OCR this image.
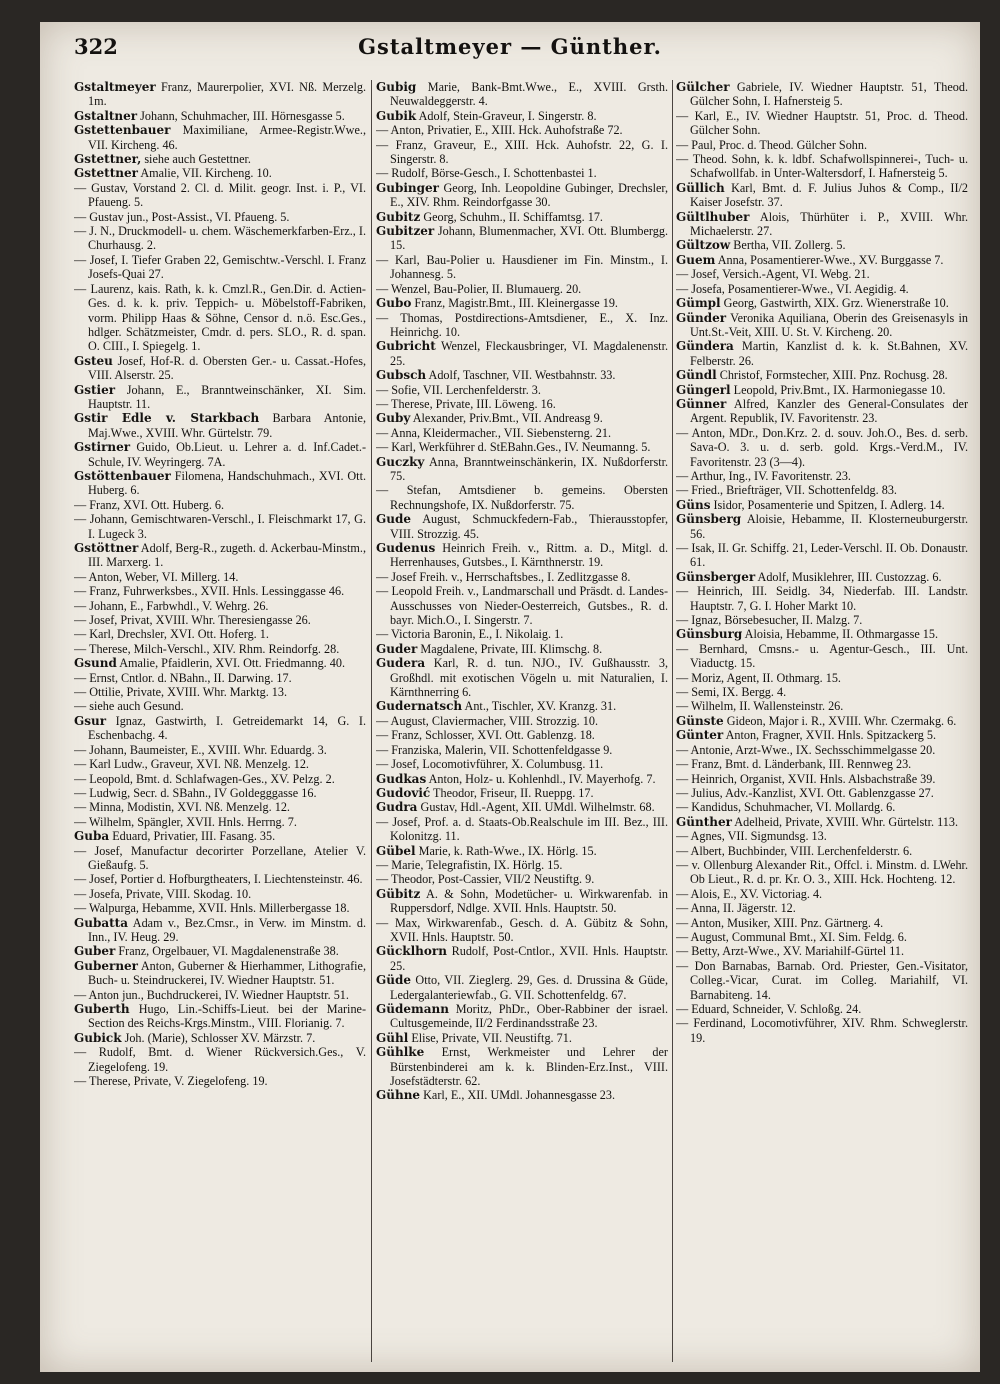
322	Gstaltmeyer — Günther.

Gstaltmeyer Franz, Maurerpolier, XVI. Nß. Merzelg. 1m.

Gstaltner Johann, Schuhmacher, III. Hörnesgasse 5.

Gstettenbauer Maximiliane, Armee-Registr.Wwe., VII. Kircheng. 46.

Gstettner, siehe auch Gestettner.

Gstettner Amalie, VII. Kircheng. 10.

— Gustav, Vorstand 2. Cl. d. Milit. geogr. Inst. i. P., VI. Pfaueng. 5.

— Gustav jun., Post-Assist., VI. Pfaueng. 5.

— J. N., Druckmodell- u. chem. Wäschemerkfarben-Erz., I. Churhausg. 2.

— Josef, I. Tiefer Graben 22, Gemischtw.-Verschl. I. Franz Josefs-Quai 27.

— Laurenz, kais. Rath, k. k. Cmzl.R., Gen.Dir. d. Actien-Ges. d. k. k. priv. Teppich- u. Möbelstoff-Fabriken, vorm. Philipp Haas & Söhne, Censor d. n.ö. Esc.Ges., hdlger. Schätzmeister, Cmdr. d. pers. SLO., R. d. span. O. CIII., I. Spiegelg. 1.

Gsteu Josef, Hof-R. d. Obersten Ger.- u. Cassat.-Hofes, VIII. Alserstr. 25.

Gstier Johann, E., Branntweinschänker, XI. Sim. Hauptstr. 11.

Gstir Edle v. Starkbach Barbara Antonie, Maj.Wwe., XVIII. Whr. Gürtelstr. 79.

Gstirner Guido, Ob.Lieut. u. Lehrer a. d. Inf.Cadet.-Schule, IV. Weyringerg. 7A.

Gstöttenbauer Filomena, Handschuhmach., XVI. Ott. Huberg. 6.

— Franz, XVI. Ott. Huberg. 6.

— Johann, Gemischtwaren-Verschl., I. Fleischmarkt 17, G. I. Lugeck 3.

Gstöttner Adolf, Berg-R., zugeth. d. Ackerbau-Minstm., III. Marxerg. 1.

— Anton, Weber, VI. Millerg. 14.

— Franz, Fuhrwerksbes., XVII. Hnls. Lessinggasse 46.

— Johann, E., Farbwhdl., V. Wehrg. 26.

— Josef, Privat, XVIII. Whr. Theresiengasse 26.

— Karl, Drechsler, XVI. Ott. Hoferg. 1.

— Therese, Milch-Verschl., XIV. Rhm. Reindorfg. 28.

Gsund Amalie, Pfaidlerin, XVI. Ott. Friedmanng. 40.

— Ernst, Cntlor. d. NBahn., II. Darwing. 17.

— Ottilie, Private, XVIII. Whr. Marktg. 13.

— siehe auch Gesund.

Gsur Ignaz, Gastwirth, I. Getreidemarkt 14, G. I. Eschenbachg. 4.

— Johann, Baumeister, E., XVIII. Whr. Eduardg. 3.

— Karl Ludw., Graveur, XVI. Nß. Menzelg. 12.

— Leopold, Bmt. d. Schlafwagen-Ges., XV. Pelzg. 2.

— Ludwig, Secr. d. SBahn., IV Goldegggasse 16.

— Minna, Modistin, XVI. Nß. Menzelg. 12.

— Wilhelm, Spängler, XVII. Hnls. Herrng. 7.

Guba Eduard, Privatier, III. Fasang. 35.

— Josef, Manufactur decorirter Porzellane, Atelier V. Gießaufg. 5.

— Josef, Portier d. Hofburgtheaters, I. Liechtensteinstr. 46.

— Josefa, Private, VIII. Skodag. 10.

— Walpurga, Hebamme, XVII. Hnls. Millerbergasse 18.

Gubatta Adam v., Bez.Cmsr., in Verw. im Minstm. d. Inn., IV. Heug. 29.

Guber Franz, Orgelbauer, VI. Magdalenenstraße 38.

Guberner Anton, Guberner & Hierhammer, Lithografie, Buch- u. Steindruckerei, IV. Wiedner Hauptstr. 51.

— Anton jun., Buchdruckerei, IV. Wiedner Hauptstr. 51.

Guberth Hugo, Lin.-Schiffs-Lieut. bei der Marine-Section des Reichs-Krgs.Minstm., VIII. Florianig. 7.

Gubick Joh. (Marie), Schlosser XV. Märzstr. 7.

— Rudolf, Bmt. d. Wiener Rückversich.Ges., V. Ziegelofeng. 19.

— Therese, Private, V. Ziegelofeng. 19.

Gubig Marie, Bank-Bmt.Wwe., E., XVIII. Grsth. Neuwaldeggerstr. 4.

Gubik Adolf, Stein-Graveur, I. Singerstr. 8.

— Anton, Privatier, E., XIII. Hck. Auhofstraße 72.

— Franz, Graveur, E., XIII. Hck. Auhofstr. 22, G. I. Singerstr. 8.

— Rudolf, Börse-Gesch., I. Schottenbastei 1.

Gubinger Georg, Inh. Leopoldine Gubinger, Drechsler, E., XIV. Rhm. Reindorfgasse 30.

Gubitz Georg, Schuhm., II. Schiffamtsg. 17.

Gubitzer Johann, Blumenmacher, XVI. Ott. Blumbergg. 15.

— Karl, Bau-Polier u. Hausdiener im Fin. Minstm., I. Johannesg. 5.

— Wenzel, Bau-Polier, II. Blumauerg. 20.

Gubo Franz, Magistr.Bmt., III. Kleinergasse 19.

— Thomas, Postdirections-Amtsdiener, E., X. Inz. Heinrichg. 10.

Gubricht Wenzel, Fleckausbringer, VI. Magdalenenstr. 25.

Gubsch Adolf, Taschner, VII. Westbahnstr. 33.

— Sofie, VII. Lerchenfelderstr. 3.

— Therese, Private, III. Löweng. 16.

Guby Alexander, Priv.Bmt., VII. Andreasg 9.

— Anna, Kleidermacher., VII. Siebensterng. 21.

— Karl, Werkführer d. StEBahn.Ges., IV. Neumanng. 5.

Guczky Anna, Branntweinschänkerin, IX. Nußdorferstr. 75.

— Stefan, Amtsdiener b. gemeins. Obersten Rechnungshofe, IX. Nußdorferstr. 75.

Gude August, Schmuckfedern-Fab., Thierausstopfer, VIII. Strozzig. 45.

Gudenus Heinrich Freih. v., Rittm. a. D., Mitgl. d. Herrenhauses, Gutsbes., I. Kärnthnerstr. 19.

— Josef Freih. v., Herrschaftsbes., I. Zedlitzgasse 8.

— Leopold Freih. v., Landmarschall und Präsdt. d. Landes-Ausschusses von Nieder-Oesterreich, Gutsbes., R. d. bayr. Mich.O., I. Singerstr. 7.

— Victoria Baronin, E., I. Nikolaig. 1.

Guder Magdalene, Private, III. Klimschg. 8.

Gudera Karl, R. d. tun. NJO., IV. Gußhausstr. 3, Großhdl. mit exotischen Vögeln u. mit Naturalien, I. Kärnthnerring 6.

Gudernatsch Ant., Tischler, XV. Kranzg. 31.

— August, Claviermacher, VIII. Strozzig. 10.

— Franz, Schlosser, XVI. Ott. Gablenzg. 18.

— Franziska, Malerin, VII. Schottenfeldgasse 9.

— Josef, Locomotivführer, X. Columbusg. 11.

Gudkas Anton, Holz- u. Kohlenhdl., IV. Mayerhofg. 7.

Gudović Theodor, Friseur, II. Rueppg. 17.

Gudra Gustav, Hdl.-Agent, XII. UMdl. Wilhelmstr. 68.

— Josef, Prof. a. d. Staats-Ob.Realschule im III. Bez., III. Kolonitzg. 11.

Gübel Marie, k. Rath-Wwe., IX. Hörlg. 15.

— Marie, Telegrafistin, IX. Hörlg. 15.

— Theodor, Post-Cassier, VII/2 Neustiftg. 9.

Gübitz A. & Sohn, Modetücher- u. Wirkwarenfab. in Ruppersdorf, Ndlge. XVII. Hnls. Hauptstr. 50.

— Max, Wirkwarenfab., Gesch. d. A. Gübitz & Sohn, XVII. Hnls. Hauptstr. 50.

Gücklhorn Rudolf, Post-Cntlor., XVII. Hnls. Hauptstr. 25.

Güde Otto, VII. Zieglerg. 29, Ges. d. Drussina & Güde, Ledergalanteriewfab., G. VII. Schottenfeldg. 67.

Güdemann Moritz, PhDr., Ober-Rabbiner der israel. Cultusgemeinde, II/2 Ferdinandsstraße 23.

Gühl Elise, Private, VII. Neustiftg. 71.

Gühlke Ernst, Werkmeister und Lehrer der Bürstenbinderei am k. k. Blinden-Erz.Inst., VIII. Josefstädterstr. 62.

Gühne Karl, E., XII. UMdl. Johannesgasse 23.

Gülcher Gabriele, IV. Wiedner Hauptstr. 51, Theod. Gülcher Sohn, I. Hafnersteig 5.

— Karl, E., IV. Wiedner Hauptstr. 51, Proc. d. Theod. Gülcher Sohn.

— Paul, Proc. d. Theod. Gülcher Sohn.

— Theod. Sohn, k. k. ldbf. Schafwollspinnerei-, Tuch- u. Schafwollfab. in Unter-Waltersdorf, I. Hafnersteig 5.

Güllich Karl, Bmt. d. F. Julius Juhos & Comp., II/2 Kaiser Josefstr. 37.

Gültlhuber Alois, Thürhüter i. P., XVIII. Whr. Michaelerstr. 27.

Gültzow Bertha, VII. Zollerg. 5.

Guem Anna, Posamentierer-Wwe., XV. Burggasse 7.

— Josef, Versich.-Agent, VI. Webg. 21.

— Josefa, Posamentierer-Wwe., VI. Aegidig. 4.

Gümpl Georg, Gastwirth, XIX. Grz. Wienerstraße 10.

Günder Veronika Aquiliana, Oberin des Greisenasyls in Unt.St.-Veit, XIII. U. St. V. Kircheng. 20.

Gündera Martin, Kanzlist d. k. k. St.Bahnen, XV. Felberstr. 26.

Gündl Christof, Formstecher, XIII. Pnz. Rochusg. 28.

Güngerl Leopold, Priv.Bmt., IX. Harmoniegasse 10.

Günner Alfred, Kanzler des General-Consulates der Argent. Republik, IV. Favoritenstr. 23.

— Anton, MDr., Don.Krz. 2. d. souv. Joh.O., Bes. d. serb. Sava-O. 3. u. d. serb. gold. Krgs.-Verd.M., IV. Favoritenstr. 23 (3—4).

— Arthur, Ing., IV. Favoritenstr. 23.

— Fried., Briefträger, VII. Schottenfeldg. 83.

Güns Isidor, Posamenterie und Spitzen, I. Adlerg. 14.

Günsberg Aloisie, Hebamme, II. Klosterneuburgerstr. 56.

— Isak, II. Gr. Schiffg. 21, Leder-Verschl. II. Ob. Donaustr. 61.

Günsberger Adolf, Musiklehrer, III. Custozzag. 6.

— Heinrich, III. Seidlg. 34, Niederfab. III. Landstr. Hauptstr. 7, G. I. Hoher Markt 10.

— Ignaz, Börsebesucher, II. Malzg. 7.

Günsburg Aloisia, Hebamme, II. Othmargasse 15.

— Bernhard, Cmsns.- u. Agentur-Gesch., III. Unt. Viaductg. 15.

— Moriz, Agent, II. Othmarg. 15.

— Semi, IX. Bergg. 4.

— Wilhelm, II. Wallensteinstr. 26.

Günste Gideon, Major i. R., XVIII. Whr. Czermakg. 6.

Günter Anton, Fragner, XVII. Hnls. Spitzackerg 5.

— Antonie, Arzt-Wwe., IX. Sechsschimmelgasse 20.

— Franz, Bmt. d. Länderbank, III. Rennweg 23.

— Heinrich, Organist, XVII. Hnls. Alsbachstraße 39.

— Julius, Adv.-Kanzlist, XVI. Ott. Gablenzgasse 27.

— Kandidus, Schuhmacher, VI. Mollardg. 6.

Günther Adelheid, Private, XVIII. Whr. Gürtelstr. 113.

— Agnes, VII. Sigmundsg. 13.

— Albert, Buchbinder, VIII. Lerchenfelderstr. 6.

— v. Ollenburg Alexander Rit., Offcl. i. Minstm. d. LWehr. Ob Lieut., R. d. pr. Kr. O. 3., XIII. Hck. Hochteng. 12.

— Alois, E., XV. Victoriag. 4.

— Anna, II. Jägerstr. 12.

— Anton, Musiker, XIII. Pnz. Gärtnerg. 4.

— August, Communal Bmt., XI. Sim. Feldg. 6.

— Betty, Arzt-Wwe., XV. Mariahilf-Gürtel 11.

— Don Barnabas, Barnab. Ord. Priester, Gen.-Visitator, Colleg.-Vicar, Curat. im Colleg. Mariahilf, VI. Barnabiteng. 14.

— Eduard, Schneider, V. Schloßg. 24.

— Ferdinand, Locomotivführer, XIV. Rhm. Schweglerstr. 19.
